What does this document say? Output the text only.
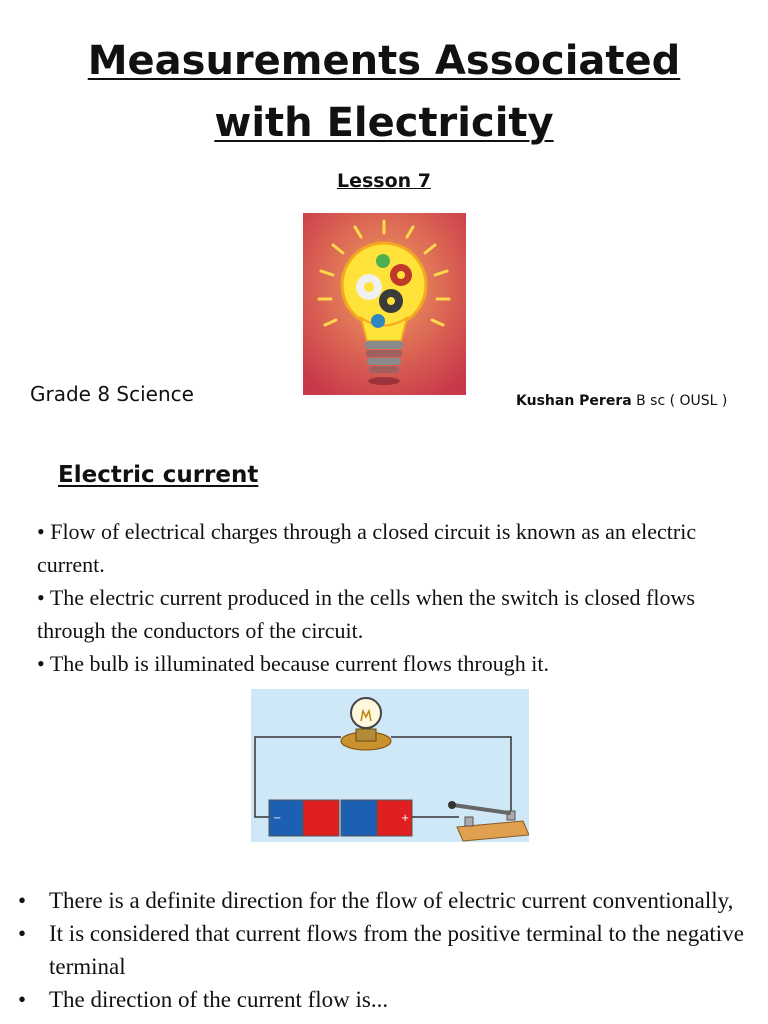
Measurements Associated
with Electricity
Lesson 7
Grade 8 Science	Kushan Perera B sc ( OUSL )
Electric current

• Flow of electrical charges through a closed circuit is known as an electric current.

• The electric current produced in the cells when the switch is closed flows through the conductors of the circuit.

• The bulb is illuminated because current flows through it.

−	+
• There is a definite direction for the flow of electric current conventionally,
• It is considered that current flows from the positive terminal to the negative terminal
• The direction of the current flow is...
